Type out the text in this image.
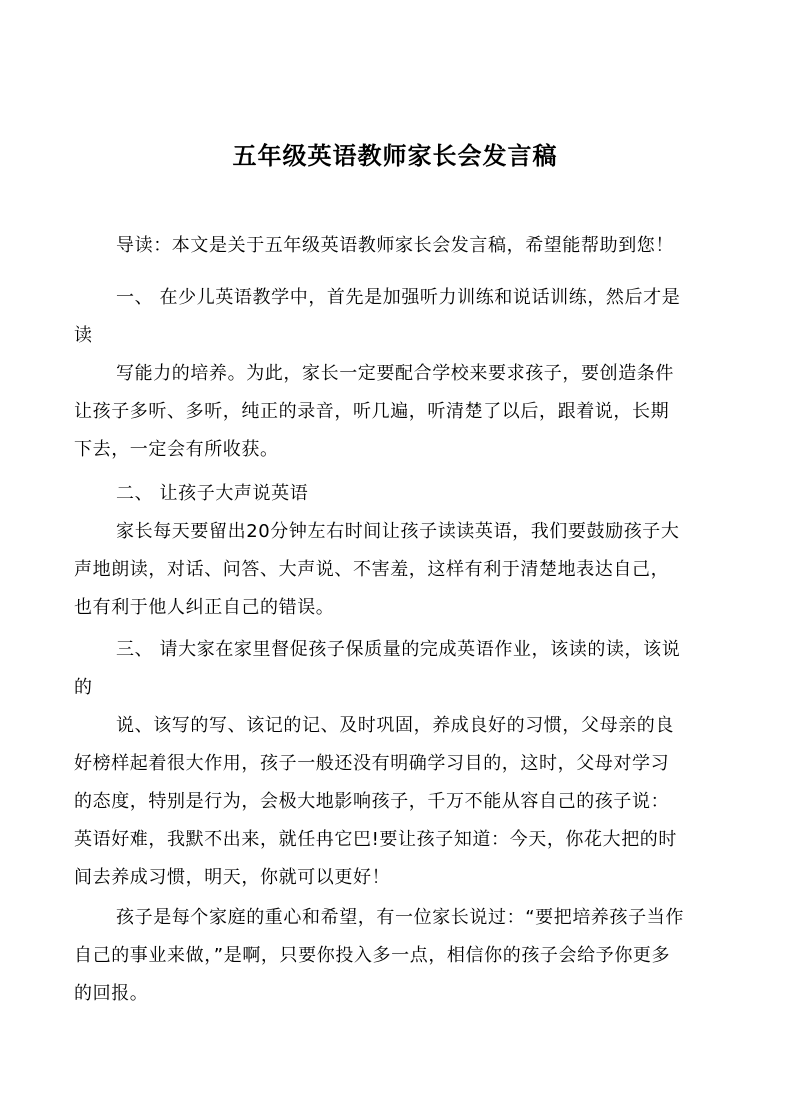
五年级英语教师家长会发言稿
导读：本文是关于五年级英语教师家长会发言稿，希望能帮助到您！
一、 在少儿英语教学中，首先是加强听力训练和说话训练，然后才是
读
写能力的培养。为此，家长一定要配合学校来要求孩子，要创造条件
让孩子多听、多听，纯正的录音，听几遍，听清楚了以后，跟着说，长期
下去，一定会有所收获。
二、 让孩子大声说英语
家长每天要留出20分钟左右时间让孩子读读英语，我们要鼓励孩子大
声地朗读，对话、问答、大声说、不害羞，这样有利于清楚地表达自己，
也有利于他人纠正自己的错误。
三、 请大家在家里督促孩子保质量的完成英语作业，该读的读，该说
的
说、该写的写、该记的记、及时巩固，养成良好的习惯，父母亲的良
好榜样起着很大作用，孩子一般还没有明确学习目的，这时，父母对学习
的态度，特别是行为，会极大地影响孩子，千万不能从容自己的孩子说：
英语好难，我默不出来，就任冉它巴!要让孩子知道：今天，你花大把的时
间去养成习惯，明天，你就可以更好！
孩子是每个家庭的重心和希望，有一位家长说过：“要把培养孩子当作
自己的事业来做，”是啊，只要你投入多一点，相信你的孩子会给予你更多
的回报。
